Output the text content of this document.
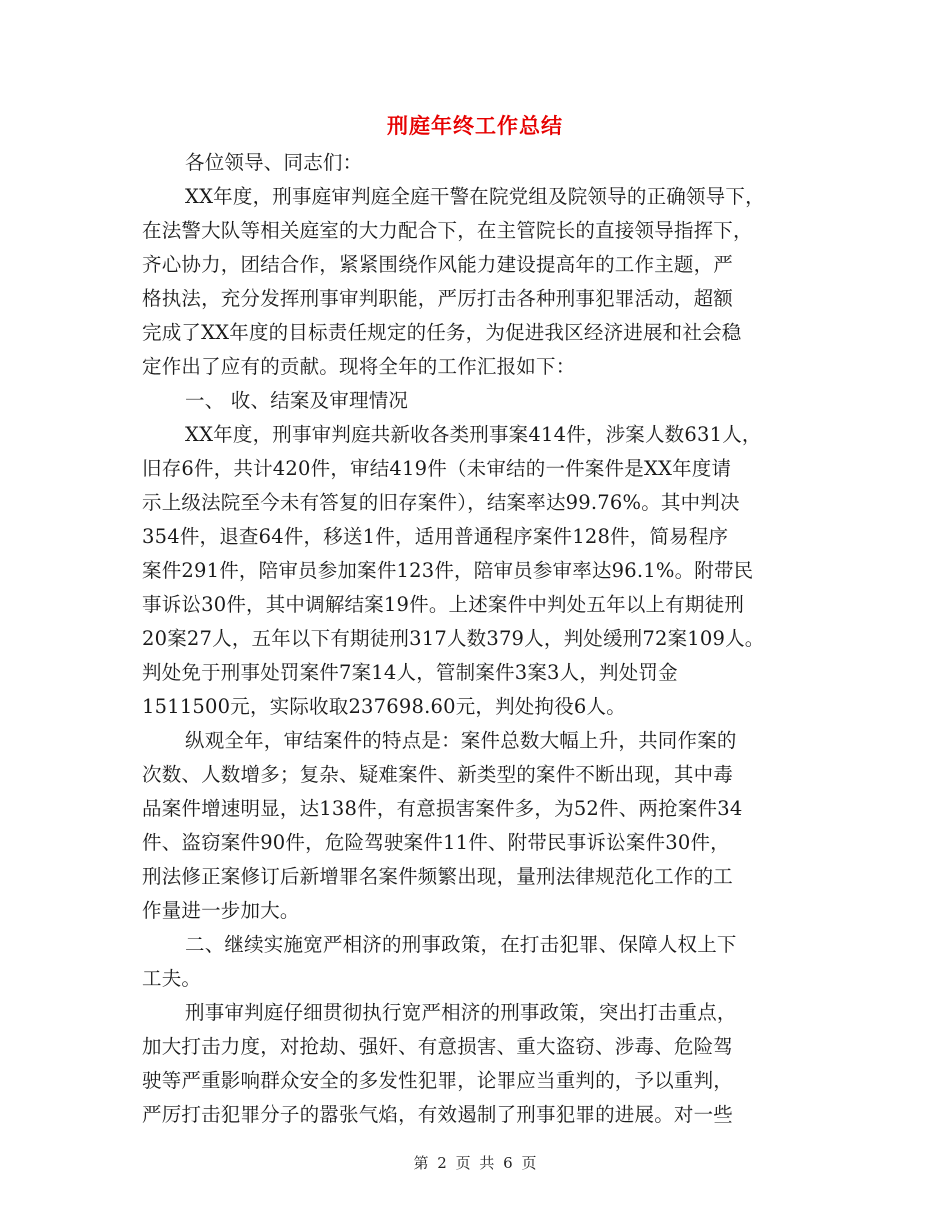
刑庭年终工作总结
各位领导、同志们：
XX年度，刑事庭审判庭全庭干警在院党组及院领导的正确领导下，
在法警大队等相关庭室的大力配合下，在主管院长的直接领导指挥下，
齐心协力，团结合作，紧紧围绕作风能力建设提高年的工作主题，严
格执法，充分发挥刑事审判职能，严厉打击各种刑事犯罪活动，超额
完成了XX年度的目标责任规定的任务，为促进我区经济进展和社会稳
定作出了应有的贡献。现将全年的工作汇报如下：
一、 收、结案及审理情况
XX年度，刑事审判庭共新收各类刑事案414件，涉案人数631人，
旧存6件，共计420件，审结419件（未审结的一件案件是XX年度请
示上级法院至今未有答复的旧存案件），结案率达99.76%。其中判决
354件，退查64件，移送1件，适用普通程序案件128件，简易程序
案件291件，陪审员参加案件123件，陪审员参审率达96.1%。附带民
事诉讼30件，其中调解结案19件。上述案件中判处五年以上有期徒刑
20案27人，五年以下有期徒刑317人数379人，判处缓刑72案109人。
判处免于刑事处罚案件7案14人，管制案件3案3人，判处罚金
1511500元，实际收取237698.60元，判处拘役6人。
纵观全年，审结案件的特点是：案件总数大幅上升，共同作案的
次数、人数增多；复杂、疑难案件、新类型的案件不断出现，其中毒
品案件增速明显，达138件，有意损害案件多，为52件、两抢案件34
件、盗窃案件90件，危险驾驶案件11件、附带民事诉讼案件30件，
刑法修正案修订后新增罪名案件频繁出现，量刑法律规范化工作的工
作量进一步加大。
二、继续实施宽严相济的刑事政策，在打击犯罪、保障人权上下
工夫。
刑事审判庭仔细贯彻执行宽严相济的刑事政策，突出打击重点，
加大打击力度，对抢劫、强奸、有意损害、重大盗窃、涉毒、危险驾
驶等严重影响群众安全的多发性犯罪，论罪应当重判的，予以重判，
严厉打击犯罪分子的嚣张气焰，有效遏制了刑事犯罪的进展。对一些
第 2 页 共 6 页
